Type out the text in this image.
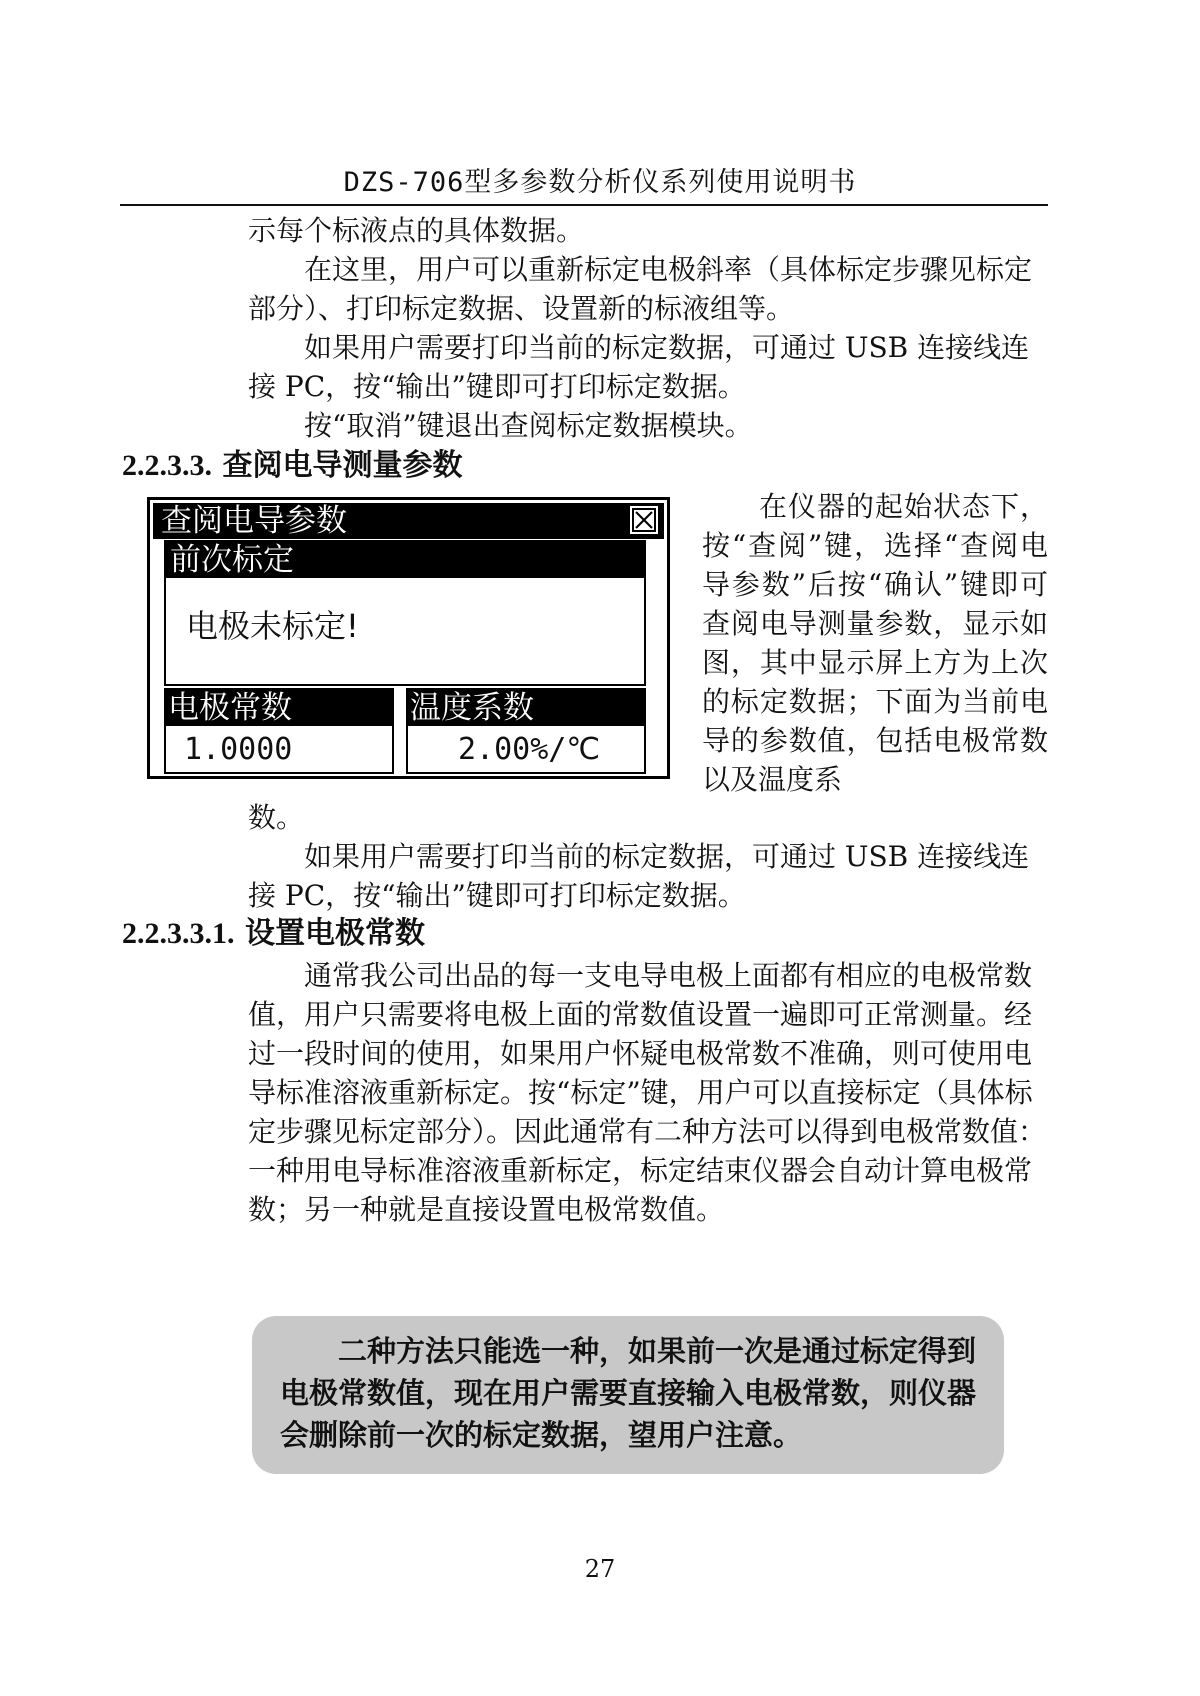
DZS-706型多参数分析仪系列使用说明书

示每个标液点的具体数据。

在这里，用户可以重新标定电极斜率（具体标定步骤见标定部分）、打印标定数据、设置新的标液组等。

如果用户需要打印当前的标定数据，可通过 USB 连接线连接 PC，按“输出”键即可打印标定数据。

按“取消”键退出查阅标定数据模块。

2.2.3.3. 查阅电导测量参数
查阅电导参数
前次标定
电极未标定!
电极常数
1.0000
温度系数
2.00%/℃

在仪器的起始状态下，按“查阅”键，选择“查阅电导参数”后按“确认”键即可查阅电导测量参数，显示如图，其中显示屏上方为上次的标定数据；下面为当前电导的参数值，包括电极常数以及温度系

数。

如果用户需要打印当前的标定数据，可通过 USB 连接线连接 PC，按“输出”键即可打印标定数据。

2.2.3.3.1. 设置电极常数

通常我公司出品的每一支电导电极上面都有相应的电极常数值，用户只需要将电极上面的常数值设置一遍即可正常测量。经过一段时间的使用，如果用户怀疑电极常数不准确，则可使用电导标准溶液重新标定。按“标定”键，用户可以直接标定（具体标定步骤见标定部分）。因此通常有二种方法可以得到电极常数值：一种用电导标准溶液重新标定，标定结束仪器会自动计算电极常数；另一种就是直接设置电极常数值。

二种方法只能选一种，如果前一次是通过标定得到电极常数值，现在用户需要直接输入电极常数，则仪器会删除前一次的标定数据，望用户注意。

27
